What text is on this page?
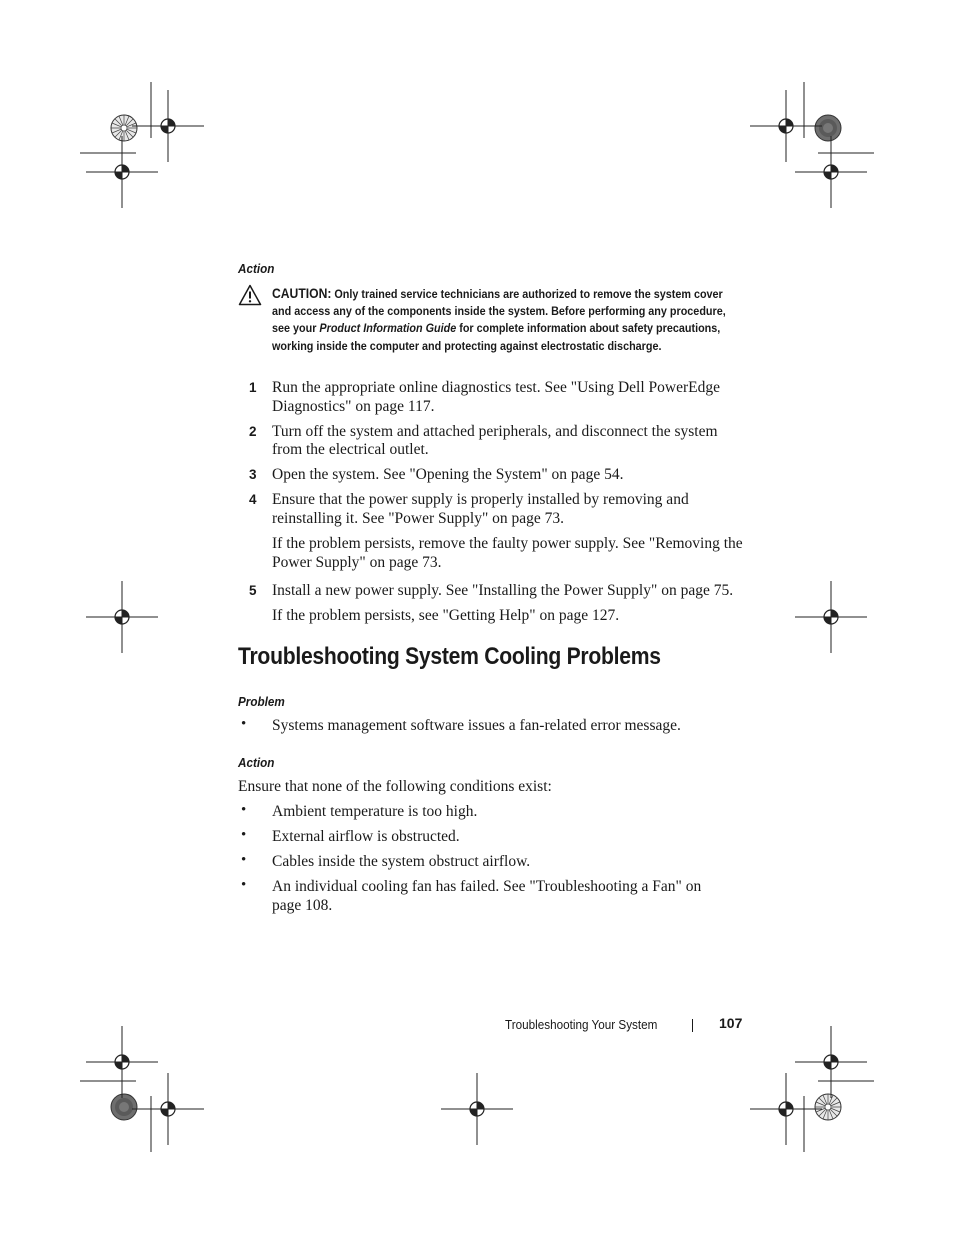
Action
CAUTION: Only trained service technicians are authorized to remove the system cover and access any of the components inside the system. Before performing any procedure, see your Product Information Guide for complete information about safety precautions, working inside the computer and protecting against electrostatic discharge.
1 Run the appropriate online diagnostics test. See "Using Dell PowerEdge
Diagnostics" on page 117.
2 Turn off the system and attached peripherals, and disconnect the system
from the electrical outlet.
3 Open the system. See "Opening the System" on page 54.
4 Ensure that the power supply is properly installed by removing and
reinstalling it. See "Power Supply" on page 73.
If the problem persists, remove the faulty power supply. See "Removing the
Power Supply" on page 73.
5 Install a new power supply. See "Installing the Power Supply" on page 75.
If the problem persists, see "Getting Help" on page 127.
Troubleshooting System Cooling Problems
Problem
• Systems management software issues a fan-related error message.
Action
Ensure that none of the following conditions exist:
• Ambient temperature is too high.
• External airflow is obstructed.
• Cables inside the system obstruct airflow.
• An individual cooling fan has failed. See "Troubleshooting a Fan" on
page 108.
Troubleshooting Your System	107
